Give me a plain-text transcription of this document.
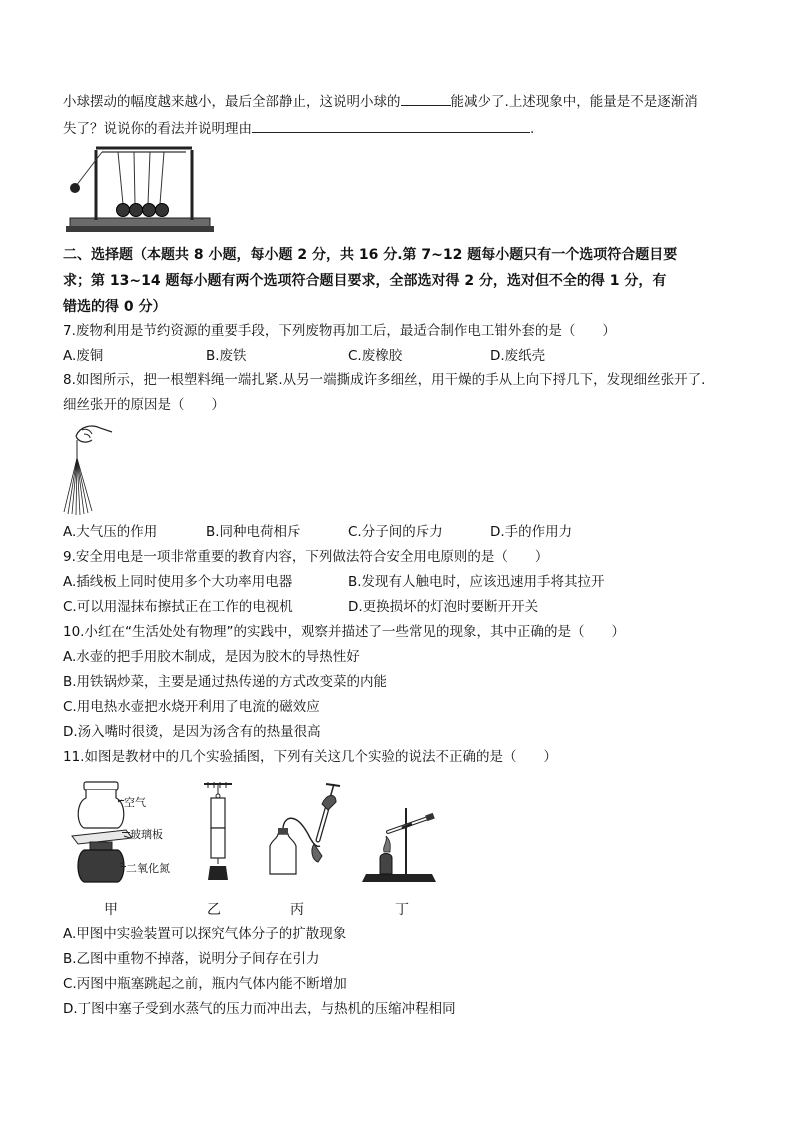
小球摆动的幅度越来越小，最后全部静止，这说明小球的	能减少了.上述现象中，能量是不是逐渐消
失了？说说你的看法并说明理由	.
二、选择题（本题共 8 小题，每小题 2 分，共 16 分.第 7~12 题每小题只有一个选项符合题目要
求；第 13~14 题每小题有两个选项符合题目要求，全部选对得 2 分，选对但不全的得 1 分，有
错选的得 0 分）
7.废物利用是节约资源的重要手段，下列废物再加工后，最适合制作电工钳外套的是（　　）
A.废铜	B.废铁	C.废橡胶	D.废纸壳
8.如图所示，把一根塑料绳一端扎紧.从另一端撕成许多细丝，用干燥的手从上向下捋几下，发现细丝张开了.
细丝张开的原因是（　　）
A.大气压的作用	B.同种电荷相斥	C.分子间的斥力	D.手的作用力
9.安全用电是一项非常重要的教育内容，下列做法符合安全用电原则的是（　　）
A.插线板上同时使用多个大功率用电器	B.发现有人触电时，应该迅速用手将其拉开
C.可以用湿抹布擦拭正在工作的电视机	D.更换损坏的灯泡时要断开开关
10.小红在“生活处处有物理”的实践中，观察并描述了一些常见的现象，其中正确的是（　　）
A.水壶的把手用胶木制成，是因为胶木的导热性好
B.用铁锅炒菜，主要是通过热传递的方式改变菜的内能
C.用电热水壶把水烧开利用了电流的磁效应
D.汤入嘴时很烫，是因为汤含有的热量很高
11.如图是教材中的几个实验插图，下列有关这几个实验的说法不正确的是（　　）
空气
玻璃板
二氧化氮
甲	乙	丙	丁
A.甲图中实验装置可以探究气体分子的扩散现象
B.乙图中重物不掉落，说明分子间存在引力
C.丙图中瓶塞跳起之前，瓶内气体内能不断增加
D.丁图中塞子受到水蒸气的压力而冲出去，与热机的压缩冲程相同
